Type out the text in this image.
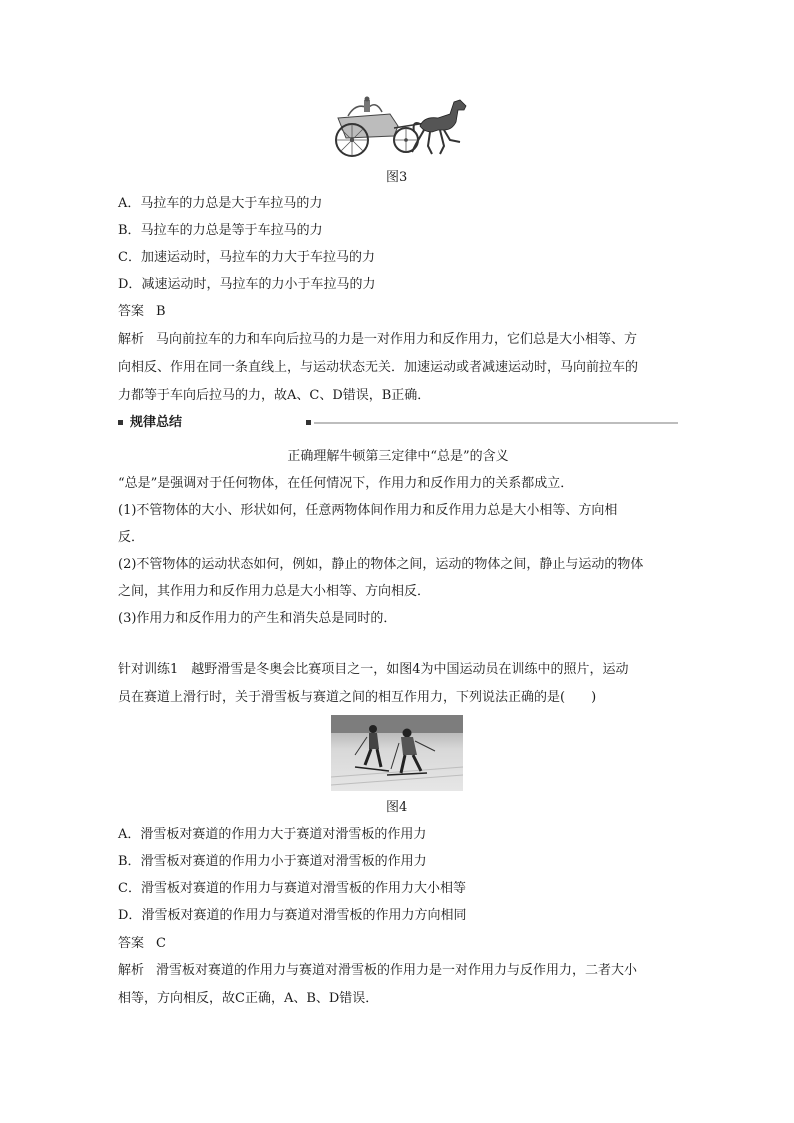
图3
A．马拉车的力总是大于车拉马的力
B．马拉车的力总是等于车拉马的力
C．加速运动时，马拉车的力大于车拉马的力
D．减速运动时，马拉车的力小于车拉马的力
答案 B
解析 马向前拉车的力和车向后拉马的力是一对作用力和反作用力，它们总是大小相等、方
向相反、作用在同一条直线上，与运动状态无关．加速运动或者减速运动时，马向前拉车的
力都等于车向后拉马的力，故A、C、D错误，B正确．
规律总结
正确理解牛顿第三定律中“总是”的含义
“总是”是强调对于任何物体，在任何情况下，作用力和反作用力的关系都成立．
(1)不管物体的大小、形状如何，任意两物体间作用力和反作用力总是大小相等、方向相
反．
(2)不管物体的运动状态如何，例如，静止的物体之间，运动的物体之间，静止与运动的物体
之间，其作用力和反作用力总是大小相等、方向相反．
(3)作用力和反作用力的产生和消失总是同时的．
针对训练1　越野滑雪是冬奥会比赛项目之一，如图4为中国运动员在训练中的照片，运动
员在赛道上滑行时，关于滑雪板与赛道之间的相互作用力，下列说法正确的是(　　)
图4
A．滑雪板对赛道的作用力大于赛道对滑雪板的作用力
B．滑雪板对赛道的作用力小于赛道对滑雪板的作用力
C．滑雪板对赛道的作用力与赛道对滑雪板的作用力大小相等
D．滑雪板对赛道的作用力与赛道对滑雪板的作用力方向相同
答案 C
解析 滑雪板对赛道的作用力与赛道对滑雪板的作用力是一对作用力与反作用力，二者大小
相等，方向相反，故C正确，A、B、D错误．
